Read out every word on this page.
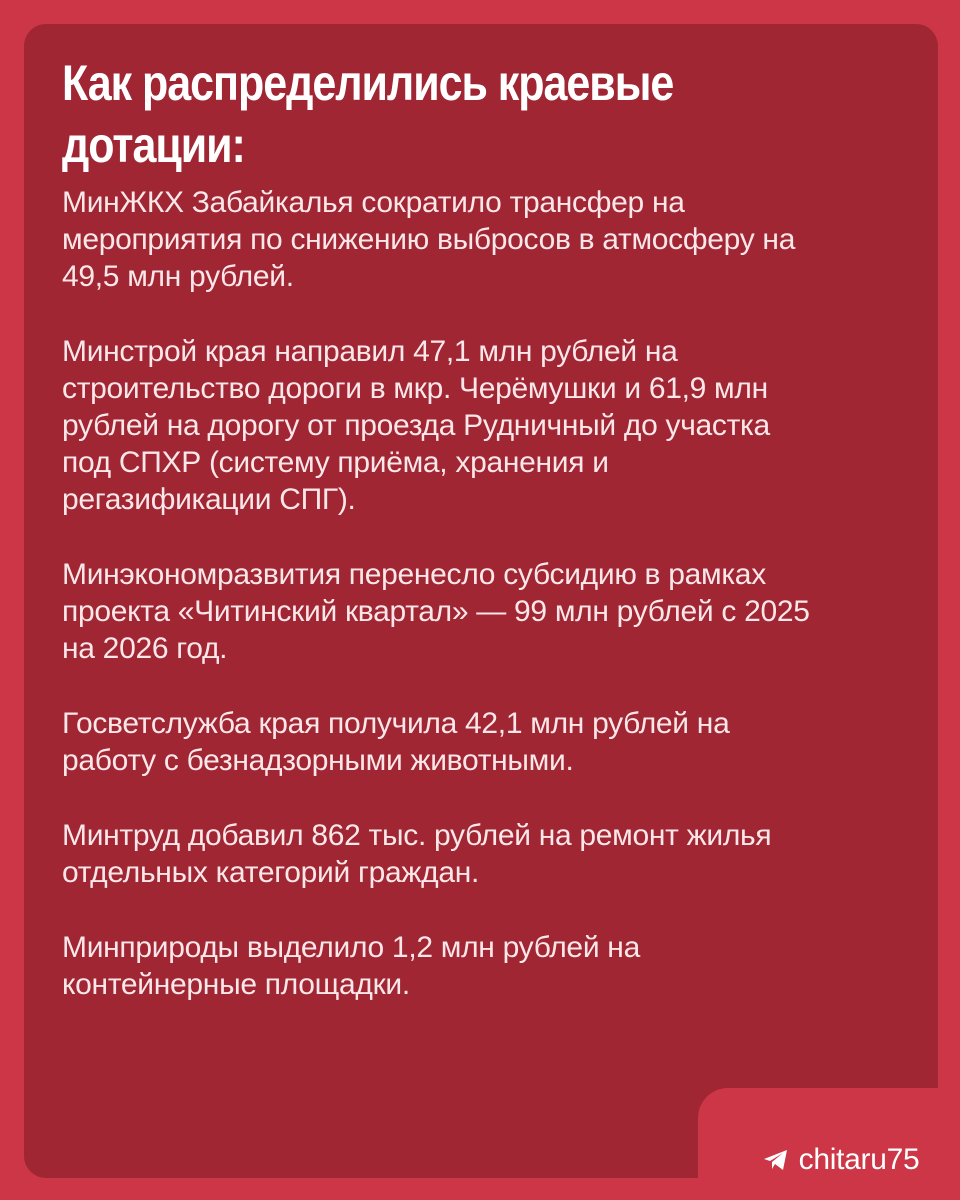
Как распределились краевые
дотации:

МинЖКХ Забайкалья сократило трансфер на
мероприятия по снижению выбросов в атмосферу на
49,5 млн рублей.

Минстрой края направил 47,1 млн рублей на
строительство дороги в мкр. Черёмушки и 61,9 млн
рублей на дорогу от проезда Рудничный до участка
под СПХР (систему приёма, хранения и
регазификации СПГ).

Минэкономразвития перенесло субсидию в рамках
проекта «Читинский квартал» — 99 млн рублей с 2025
на 2026 год.

Госветслужба края получила 42,1 млн рублей на
работу с безнадзорными животными.

Минтруд добавил 862 тыс. рублей на ремонт жилья
отдельных категорий граждан.

Минприроды выделило 1,2 млн рублей на
контейнерные площадки.

chitaru75
